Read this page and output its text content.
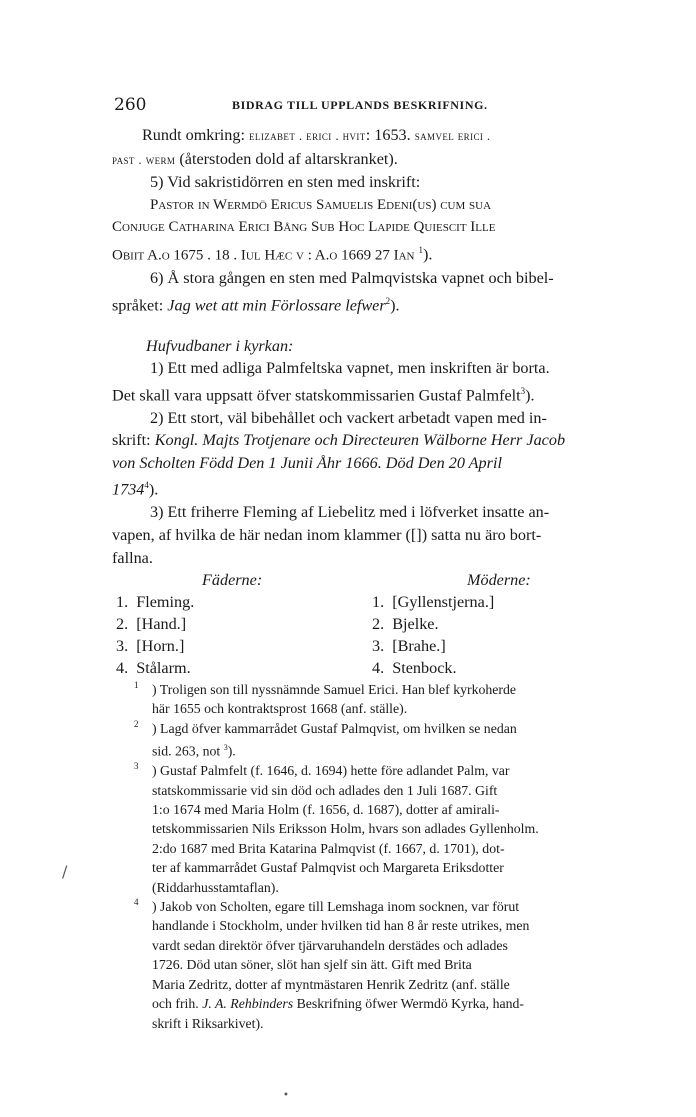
260	BIDRAG TILL UPPLANDS BESKRIFNING.
Rundt omkring: elizabet . erici . hvit: 1653. samvel erici .
past . werm (återstoden dold af altarskranket).
5) Vid sakristidörren en sten med inskrift:
Pastor in Wermdö Ericus Samuelis Edeni(us) cum sua
Conjuge Catharina Erici Bång Sub Hoc Lapide Quiescit Ille
Obiit A.o 1675 . 18 . Iul Hæc v : A.o 1669 27 Ian $^1$).
6) Å stora gången en sten med Palmqvistska vapnet och bibel-
språket: Jag wet att min Förlossare lefwer$^2$).
Hufvudbaner i kyrkan:
1) Ett med adliga Palmfeltska vapnet, men inskriften är borta.
Det skall vara uppsatt öfver statskommissarien Gustaf Palmfelt$^3$).
2) Ett stort, väl bibehållet och vackert arbetadt vapen med in-
skrift: Kongl. Majts Trotjenare och Directeuren Wälborne Herr Jacob
von Scholten Född Den 1 Junii Åhr 1666. Död Den 20 April
1734$^4$).
3) Ett friherre Fleming af Liebelitz med i löfverket insatte an-
vapen, af hvilka de här nedan inom klammer ([]) satta nu äro bort-
fallna.
Fäderne:	Möderne:
1. Fleming.
2. [Hand.]
3. [Horn.]
4. Stålarm.
1. [Gyllenstjerna.]
2. Bjelke.
3. [Brahe.]
4. Stenbock.
1 ) Troligen son till nyssnämnde Samuel Erici. Han blef kyrkoherde
här 1655 och kontraktsprost 1668 (anf. ställe).
2 ) Lagd öfver kammarrådet Gustaf Palmqvist, om hvilken se nedan
sid. 263, not $^3$).
3 ) Gustaf Palmfelt (f. 1646, d. 1694) hette före adlandet Palm, var
statskommissarie vid sin död och adlades den 1 Juli 1687. Gift
1:o 1674 med Maria Holm (f. 1656, d. 1687), dotter af amirali-
tetskommissarien Nils Eriksson Holm, hvars son adlades Gyllenholm.
2:do 1687 med Brita Katarina Palmqvist (f. 1667, d. 1701), dot-
ter af kammarrådet Gustaf Palmqvist och Margareta Eriksdotter
(Riddarhusstamtaflan).
4 ) Jakob von Scholten, egare till Lemshaga inom socknen, var förut
handlande i Stockholm, under hvilken tid han 8 år reste utrikes, men
vardt sedan direktör öfver tjärvaruhandeln derstädes och adlades
1726. Död utan söner, slöt han sjelf sin ätt. Gift med Brita
Maria Zedritz, dotter af myntmästaren Henrik Zedritz (anf. ställe
och frih. J. A. Rehbinders Beskrifning öfwer Wermdö Kyrka, hand-
skrift i Riksarkivet).
•
/
